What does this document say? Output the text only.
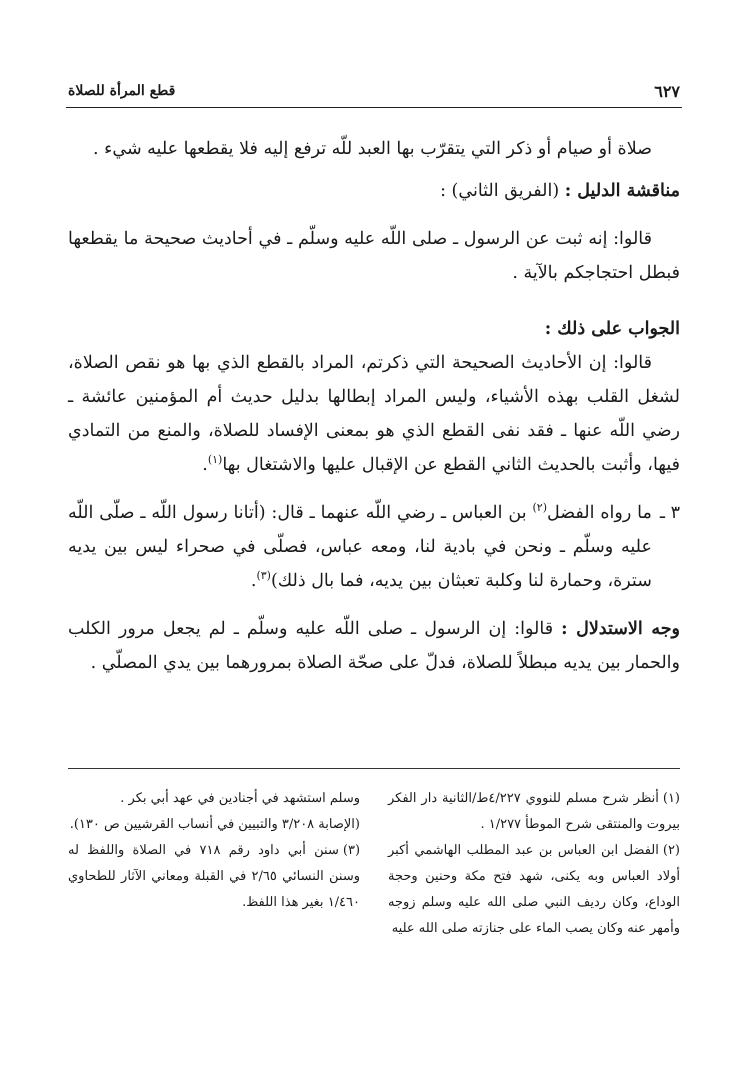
٦٢٧
قطع المرأة للصلاة

صلاة أو صيام أو ذكر التي يتقرّب بها العبد للّه ترفع إليه فلا يقطعها عليه شيء .

مناقشة الدليل : (الفريق الثاني) :

قالوا: إنه ثبت عن الرسول ـ صلى اللّه عليه وسلّم ـ في أحاديث صحيحة ما يقطعها فبطل احتجاجكم بالآية .

الجواب على ذلك :

قالوا: إن الأحاديث الصحيحة التي ذكرتم، المراد بالقطع الذي بها هو نقص الصلاة، لشغل القلب بهذه الأشياء، وليس المراد إبطالها بدليل حديث أم المؤمنين عائشة ـ رضي اللّه عنها ـ فقد نفى القطع الذي هو بمعنى الإفساد للصلاة، والمنع من التمادي فيها، وأثبت بالحديث الثاني القطع عن الإقبال عليها والاشتغال بها$^{(١)}$.

٣ ـ
ما رواه الفضل$^{(٢)}$ بن العباس ـ رضي اللّه عنهما ـ قال: (أتانا رسول اللّه ـ صلّى اللّه عليه وسلّم ـ ونحن في بادية لنا، ومعه عباس، فصلّى في صحراء ليس بين يديه سترة، وحمارة لنا وكلبة تعبثان بين يديه، فما بال ذلك)$^{(٣)}$.

وجه الاستدلال : قالوا: إن الرسول ـ صلى اللّه عليه وسلّم ـ لم يجعل مرور الكلب والحمار بين يديه مبطلاً للصلاة، فدلّ على صحّة الصلاة بمرورهما بين يدي المصلّي .

(١)أنظر شرح مسلم للنووي ٤/٢٢٧ط/الثانية دار الفكر بيروت والمنتقى شرح الموطأ ١/٢٧٧ .

(٢)الفضل ابن العباس بن عبد المطلب الهاشمي أكبر أولاد العباس وبه يكنى، شهد فتح مكة وحنين وحجة الوداع، وكان رديف النبي صلى الله عليه وسلم زوجه وأمهر عنه وكان يصب الماء على جنازته صلى الله عليه

وسلم استشهد في أجنادين في عهد أبي بكر .

(الإصابة ٣/٢٠٨ والتبيين في أنساب القرشيين ص ١٣٠).

(٣)سنن أبي داود رقم ٧١٨ في الصلاة واللفظ له وسنن النسائي ٢/٦٥ في القبلة ومعاني الآثار للطحاوي ١/٤٦٠ بغير هذا اللفظ.
